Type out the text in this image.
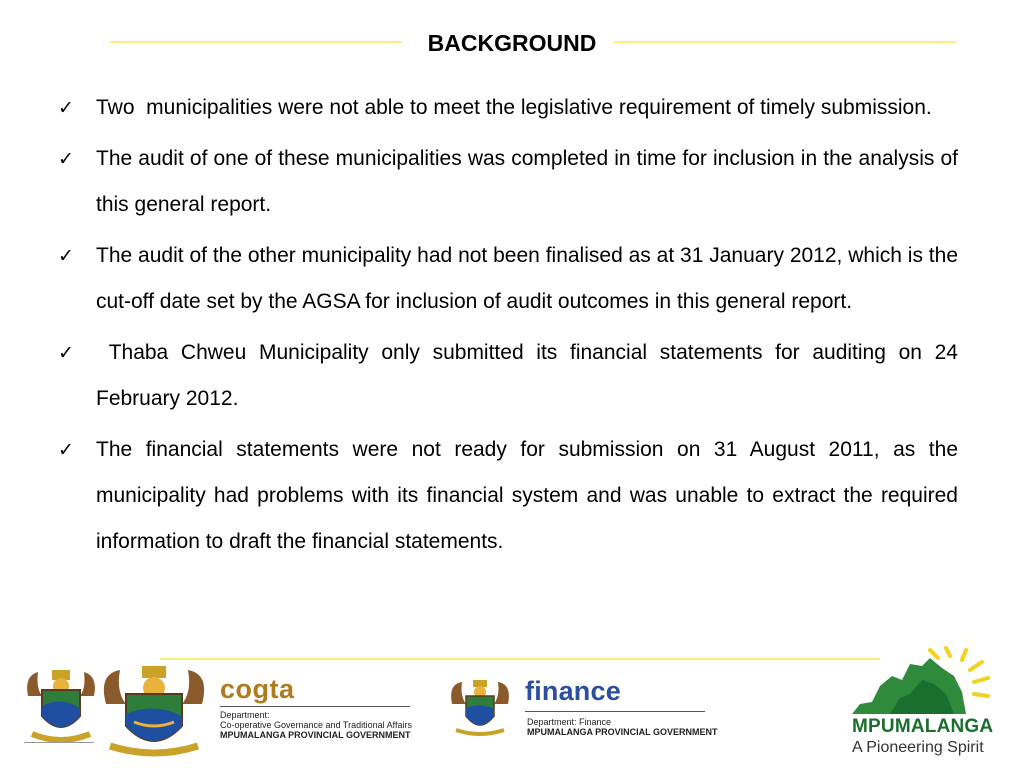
BACKGROUND
✓ Two  municipalities were not able to meet the legislative requirement of timely submission.
✓ The audit of one of these municipalities was completed in time for inclusion in the analysis of this general report.
✓ The audit of the other municipality had not been finalised as at 31 January 2012, which is the cut-off date set by the AGSA for inclusion of audit outcomes in this general report.
✓ Thaba Chweu Municipality only submitted its financial statements for auditing on 24 February 2012.
✓ The financial statements were not ready for submission on 31 August 2011, as the municipality had problems with its financial system and was unable to extract the required information to draft the financial statements.
cogta
Department:
Co-operative Governance and Traditional Affairs
MPUMALANGA PROVINCIAL GOVERNMENT
finance
Department: Finance
MPUMALANGA PROVINCIAL GOVERNMENT	MPUMALANGA
A Pioneering Spirit
